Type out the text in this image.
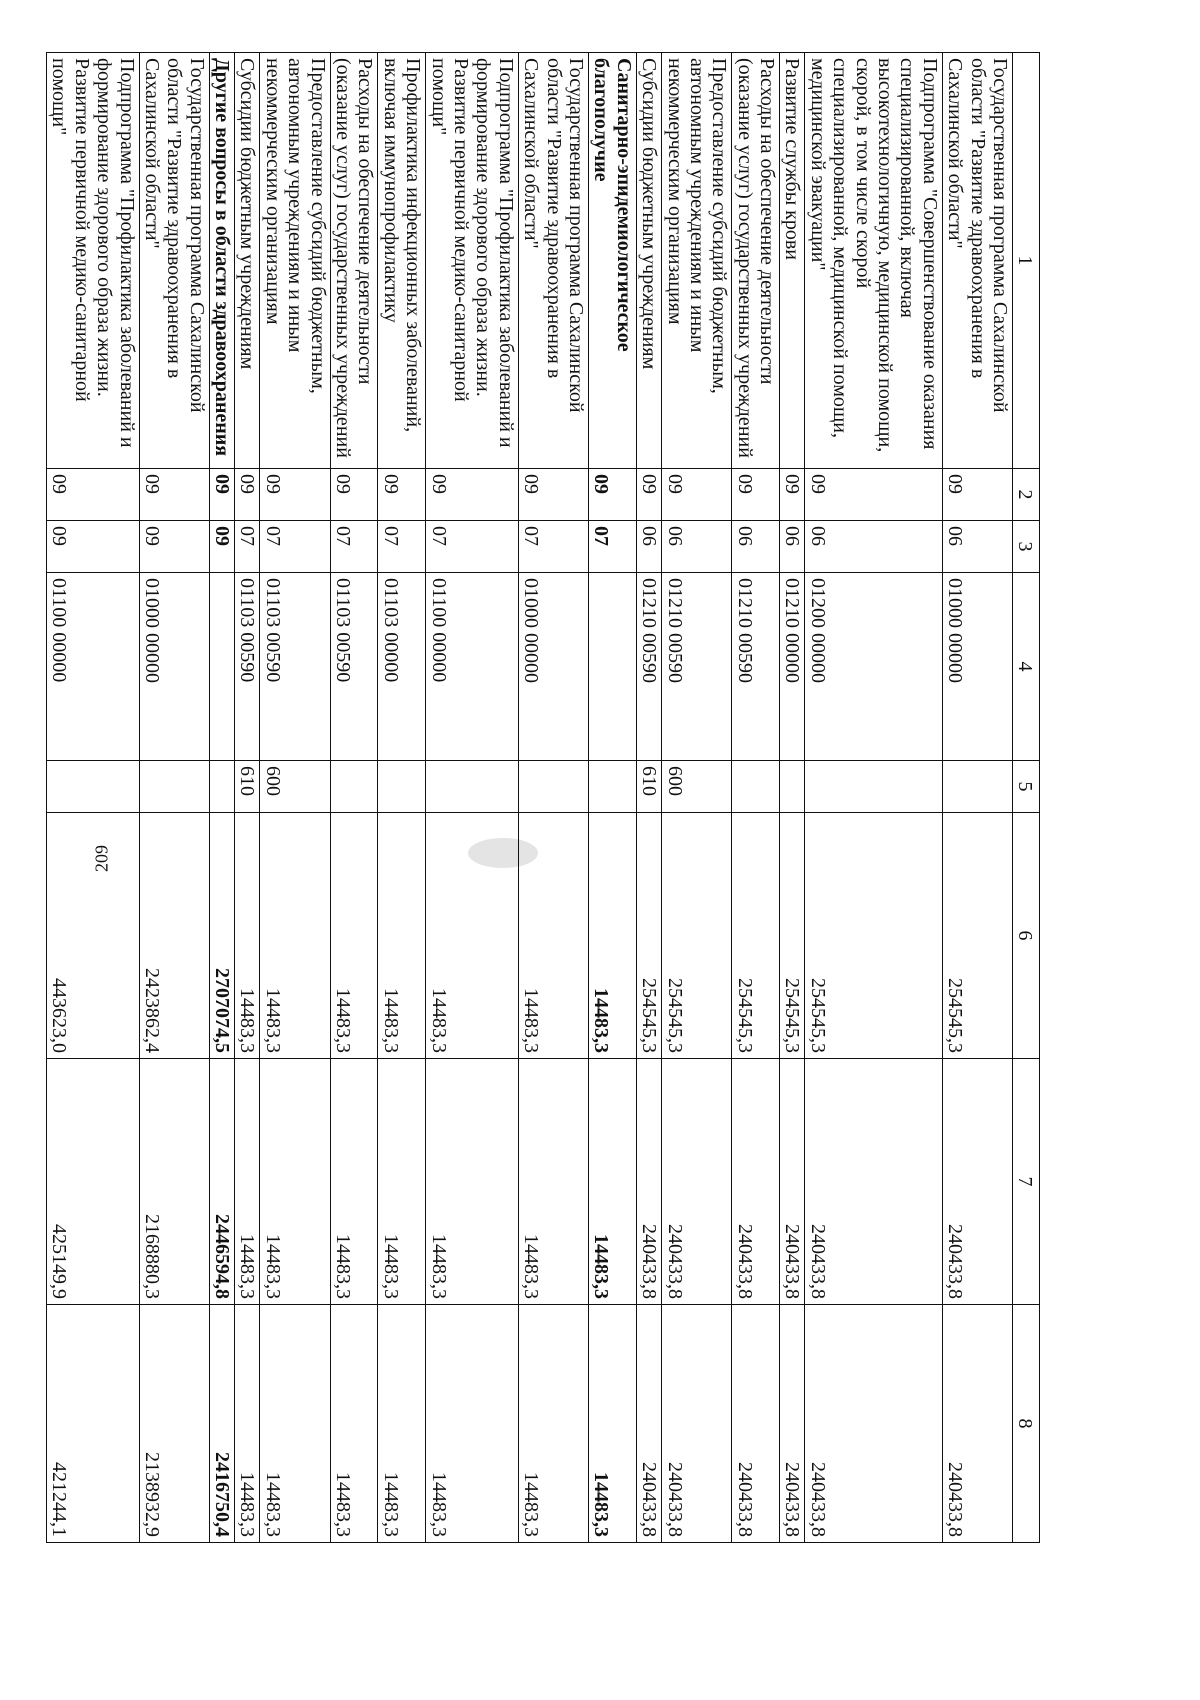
209
1	2	3	4	5	6	7	8
Государственная программа Сахалинской области "Развитие здравоохранения в Сахалинской области"	09	06	01000 00000		254545,3	240433,8	240433,8
Подпрограмма "Совершенствование оказания специализированной, включая высокотехнологичную, медицинской помощи, скорой, в том числе скорой специализированной, медицинской помощи, медицинской эвакуации"	09	06	01200 00000		254545,3	240433,8	240433,8
Развитие службы крови	09	06	01210 00000		254545,3	240433,8	240433,8
Расходы на обеспечение деятельности (оказание услуг) государственных учреждений	09	06	01210 00590		254545,3	240433,8	240433,8
Предоставление субсидий бюджетным, автономным учреждениям и иным некоммерческим организациям	09	06	01210 00590	600	254545,3	240433,8	240433,8
Субсидии бюджетным учреждениям	09	06	01210 00590	610	254545,3	240433,8	240433,8
Санитарно-эпидемиологическое благополучие	09	07			14483,3	14483,3	14483,3
Государственная программа Сахалинской области "Развитие здравоохранения в Сахалинской области"	09	07	01000 00000		14483,3	14483,3	14483,3
Подпрограмма "Профилактика заболеваний и формирование здорового образа жизни. Развитие первичной медико-санитарной помощи"	09	07	01100 00000		14483,3	14483,3	14483,3
Профилактика инфекционных заболеваний, включая иммунопрофилактику	09	07	01103 00000		14483,3	14483,3	14483,3
Расходы на обеспечение деятельности (оказание услуг) государственных учреждений	09	07	01103 00590		14483,3	14483,3	14483,3
Предоставление субсидий бюджетным, автономным учреждениям и иным некоммерческим организациям	09	07	01103 00590	600	14483,3	14483,3	14483,3
Субсидии бюджетным учреждениям	09	07	01103 00590	610	14483,3	14483,3	14483,3
Другие вопросы в области здравоохранения	09	09			2707074,5	2446594,8	2416750,4
Государственная программа Сахалинской области "Развитие здравоохранения в Сахалинской области"	09	09	01000 00000		2423862,4	2168880,3	2138932,9
Подпрограмма "Профилактика заболеваний и формирование здорового образа жизни. Развитие первичной медико-санитарной помощи"	09	09	01100 00000		443623,0	425149,9	421244,1
